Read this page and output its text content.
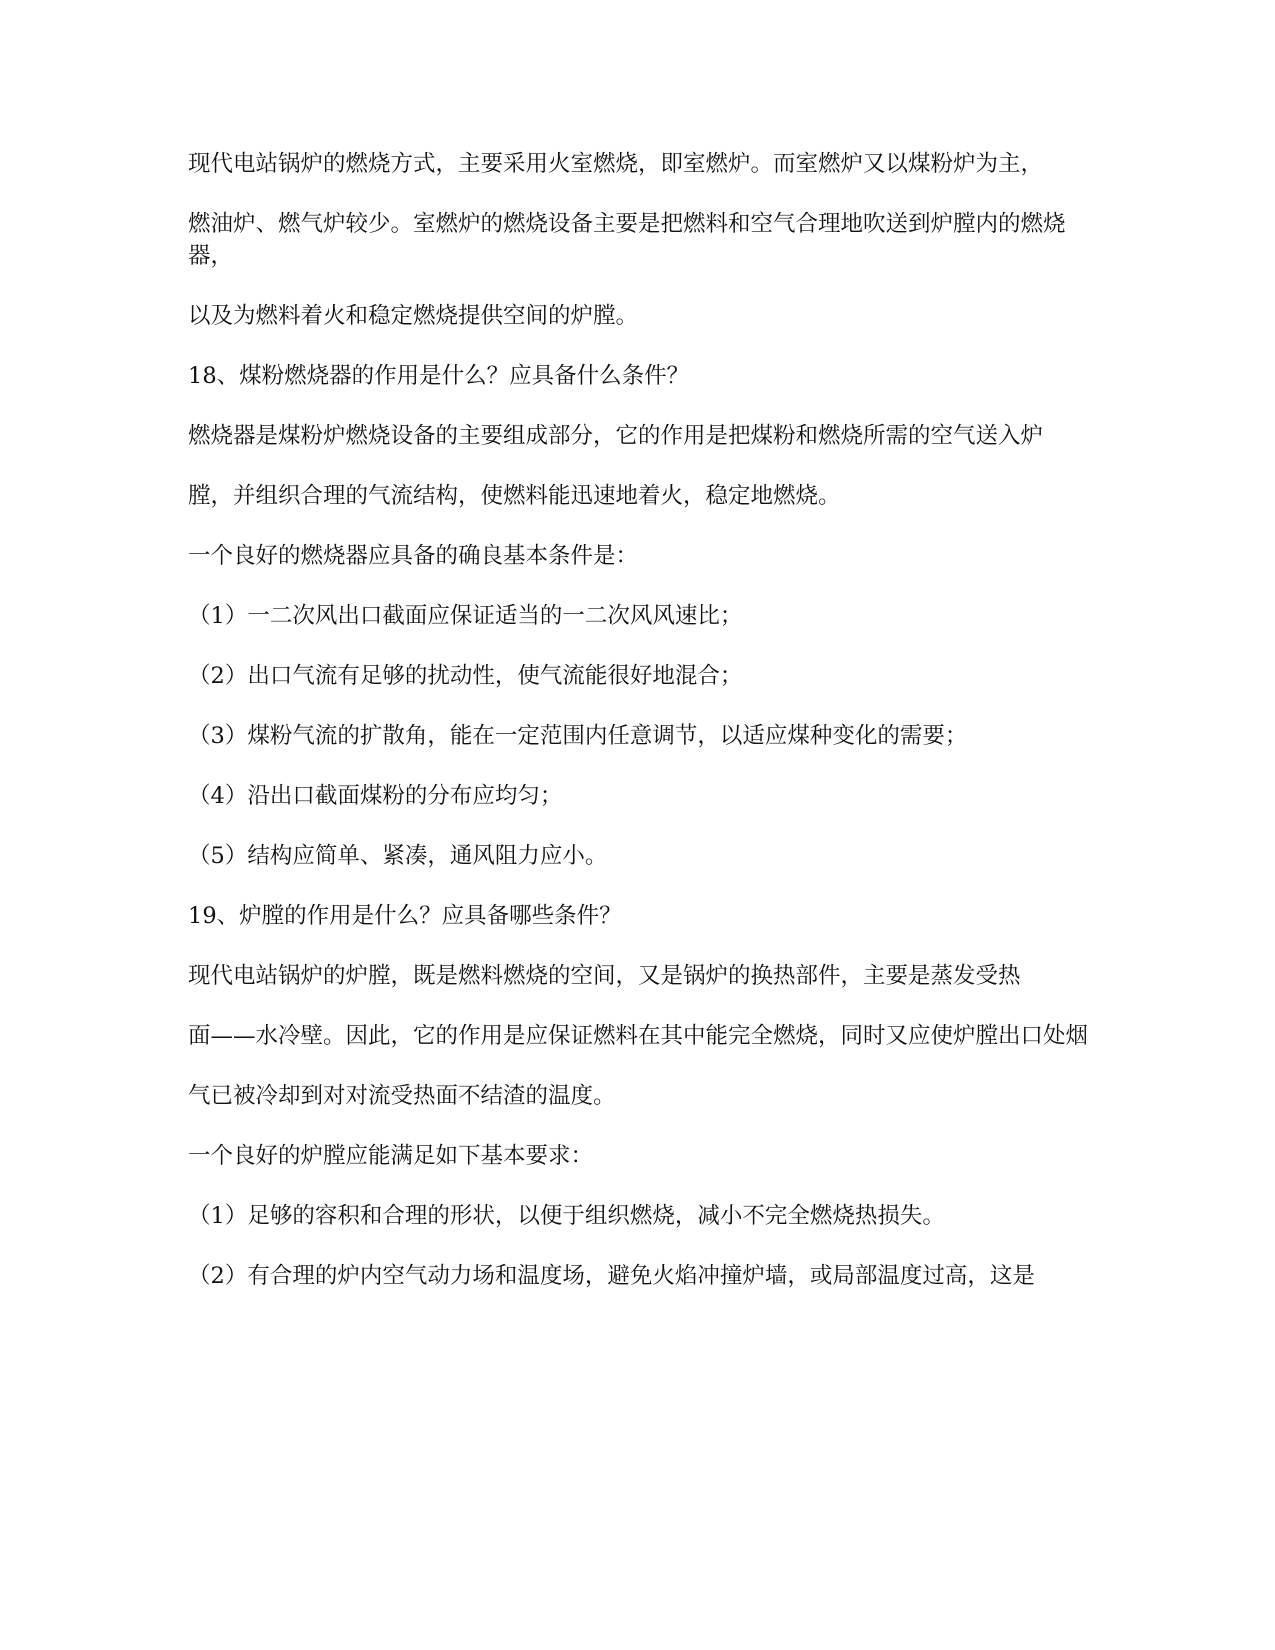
现代电站锅炉的燃烧方式，主要采用火室燃烧，即室燃炉。而室燃炉又以煤粉炉为主，

燃油炉、燃气炉较少。室燃炉的燃烧设备主要是把燃料和空气合理地吹送到炉膛内的燃烧器，

以及为燃料着火和稳定燃烧提供空间的炉膛。

18、煤粉燃烧器的作用是什么？应具备什么条件？

燃烧器是煤粉炉燃烧设备的主要组成部分，它的作用是把煤粉和燃烧所需的空气送入炉

膛，并组织合理的气流结构，使燃料能迅速地着火，稳定地燃烧。

一个良好的燃烧器应具备的确良基本条件是：

（1）一二次风出口截面应保证适当的一二次风风速比；

（2）出口气流有足够的扰动性，使气流能很好地混合；

（3）煤粉气流的扩散角，能在一定范围内任意调节，以适应煤种变化的需要；

（4）沿出口截面煤粉的分布应均匀；

（5）结构应简单、紧凑，通风阻力应小。

19、炉膛的作用是什么？应具备哪些条件？

现代电站锅炉的炉膛，既是燃料燃烧的空间，又是锅炉的换热部件，主要是蒸发受热

面——水冷壁。因此，它的作用是应保证燃料在其中能完全燃烧，同时又应使炉膛出口处烟

气已被冷却到对对流受热面不结渣的温度。

一个良好的炉膛应能满足如下基本要求：

（1）足够的容积和合理的形状，以便于组织燃烧，减小不完全燃烧热损失。

（2）有合理的炉内空气动力场和温度场，避免火焰冲撞炉墙，或局部温度过高，这是
